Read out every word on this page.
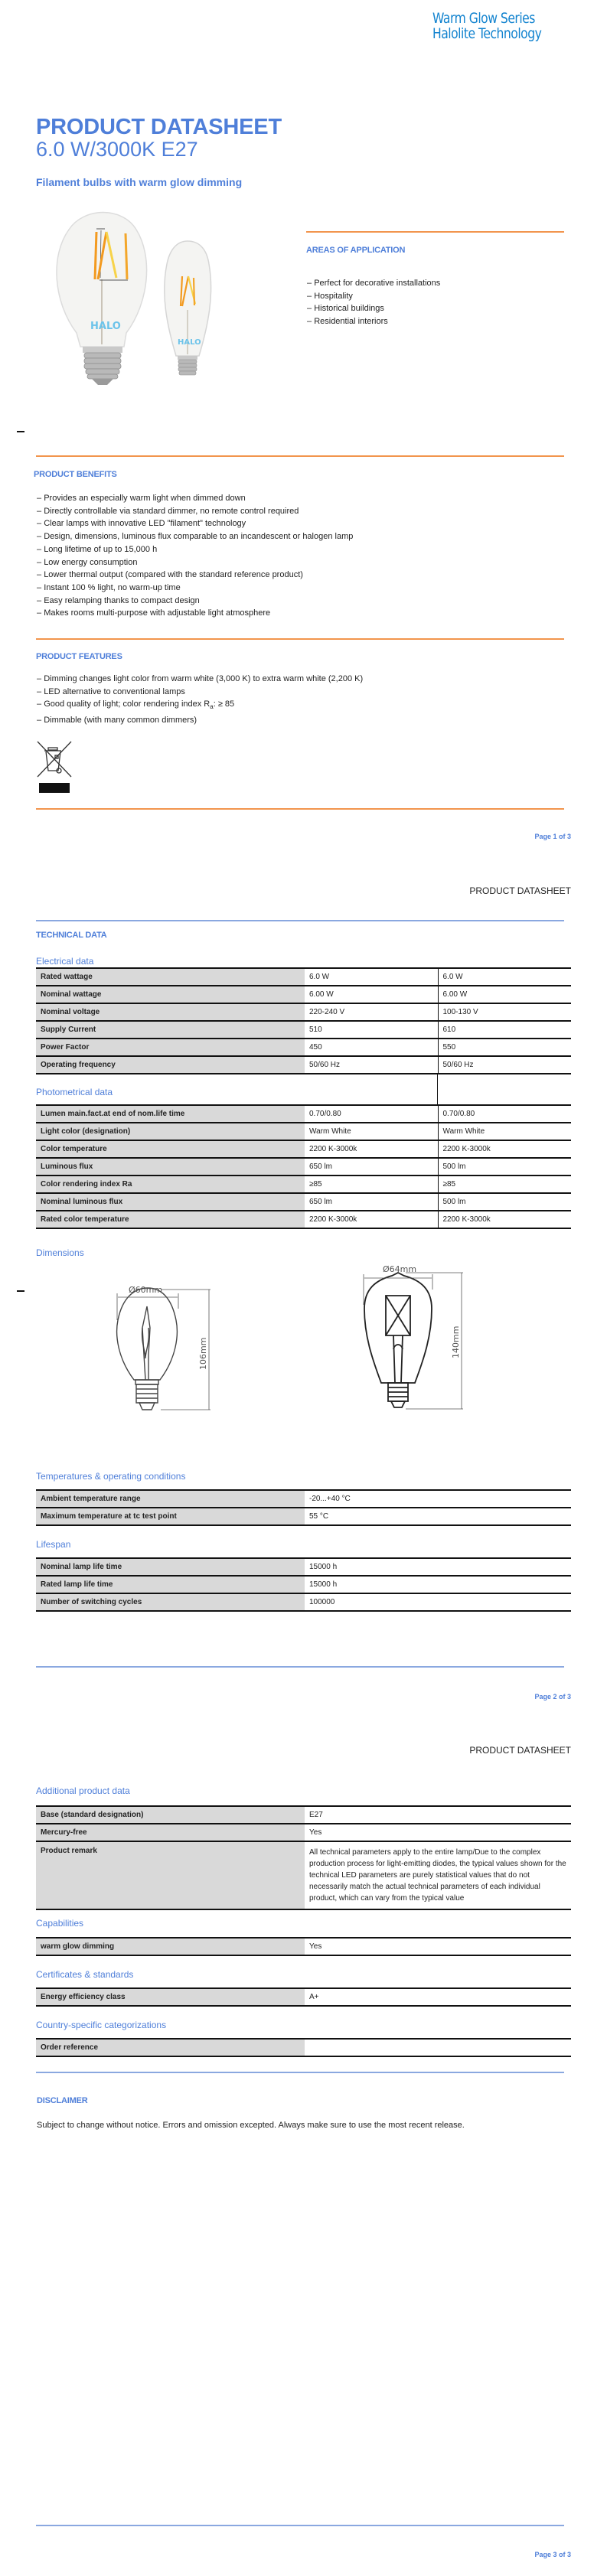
Warm Glow Series
Halolite Technology
PRODUCT DATASHEET
6.0 W/3000K E27
Filament bulbs with warm glow dimming
HALO
HALO
AREAS OF APPLICATION
– Perfect for decorative installations
– Hospitality
– Historical buildings
– Residential interiors
PRODUCT BENEFITS
– Provides an especially warm light when dimmed down
– Directly controllable via standard dimmer, no remote control required
– Clear lamps with innovative LED "filament" technology
– Design, dimensions, luminous flux comparable to an incandescent or halogen lamp
– Long lifetime of up to 15,000 h
– Low energy consumption
– Lower thermal output (compared with the standard reference product)
– Instant 100 % light, no warm-up time
– Easy relamping thanks to compact design
– Makes rooms multi-purpose with adjustable light atmosphere
PRODUCT FEATURES
– Dimming changes light color from warm white (3,000 K) to extra warm white (2,200 K)
– LED alternative to conventional lamps
– Good quality of light; color rendering index $R_a$: ≥ 85
– Dimmable (with many common dimmers)
Page 1 of 3
PRODUCT DATASHEET
TECHNICAL DATA
Electrical data
Rated wattage	6.0 W	6.0 W
Nominal wattage	6.00 W	6.00 W
Nominal voltage	220-240 V	100-130 V
Supply Current	510	610
Power Factor	450	550
Operating frequency	50/60 Hz	50/60 Hz
Photometrical data
Lumen main.fact.at end of nom.life time	0.70/0.80	0.70/0.80
Light color (designation)	Warm White	Warm White
Color temperature	2200 K-3000k	2200 K-3000k
Luminous flux	650 lm	500 lm
Color rendering index Ra	≥85	≥85
Nominal luminous flux	650 lm	500 lm
Rated color temperature	2200 K-3000k	2200 K-3000k
Dimensions
Ø60mm
106mm
Ø64mm
140mm
Temperatures & operating conditions
Ambient temperature range	-20...+40 °C
Maximum temperature at tc test point	55 °C
Lifespan
Nominal lamp life time	15000 h
Rated lamp life time	15000 h
Number of switching cycles	100000
Page 2 of 3
PRODUCT DATASHEET
Additional product data
Base (standard designation)	E27
Mercury-free	Yes
Product remark	All technical parameters apply to the entire lamp/Due to the complex production process for light-emitting diodes, the typical values shown for the technical LED parameters are purely statistical values that do not necessarily match the actual technical parameters of each individual product, which can vary from the typical value
Capabilities
warm glow dimming	Yes
Certificates & standards
Energy efficiency class	A+
Country-specific categorizations
Order reference	
DISCLAIMER
Subject to change without notice. Errors and omission excepted. Always make sure to use the most recent release.
Page 3 of 3
